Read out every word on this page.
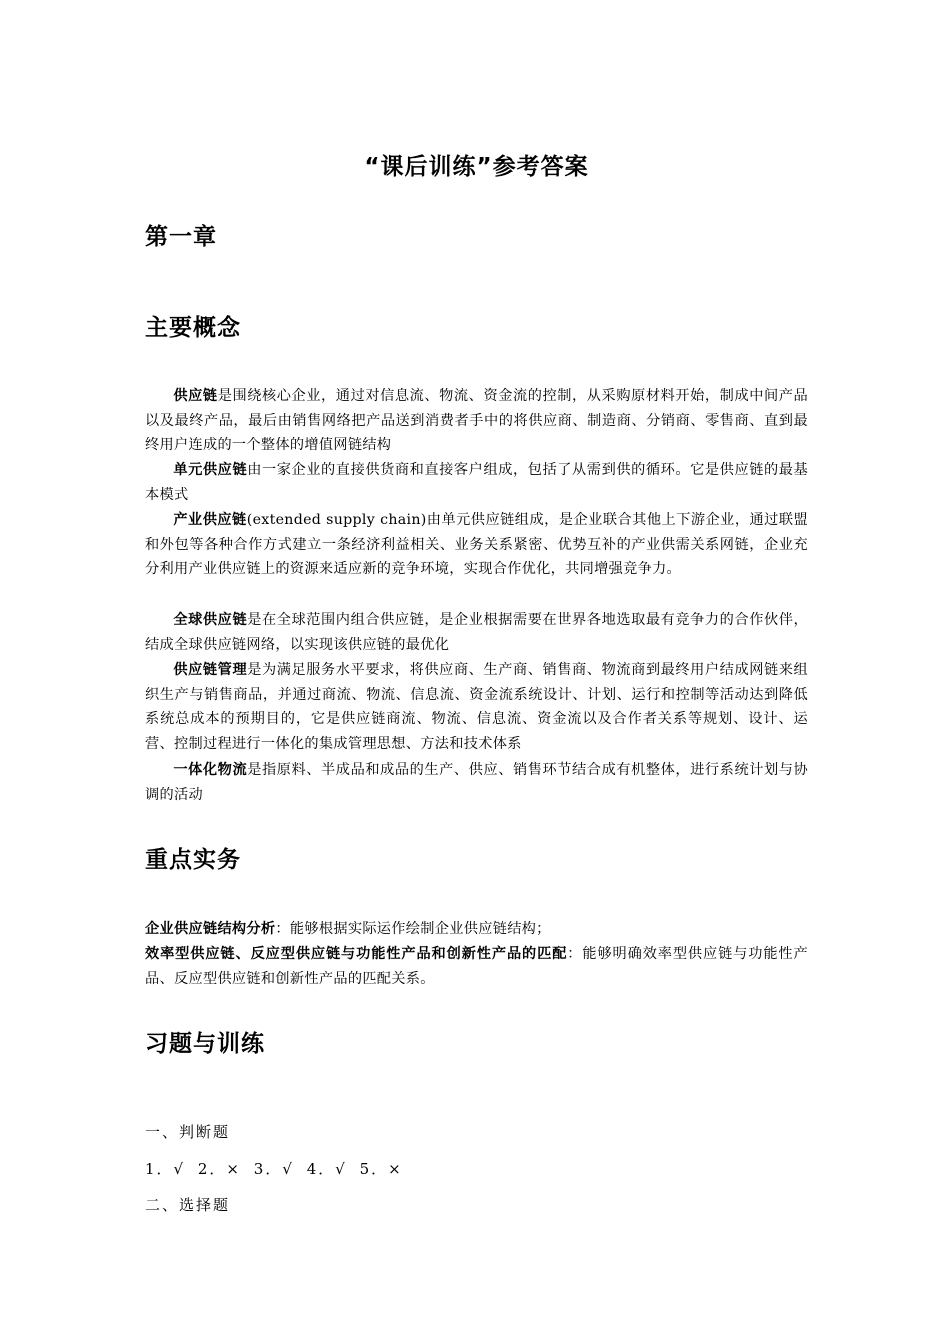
“课后训练”参考答案
第一章
主要概念
供应链是围绕核心企业，通过对信息流、物流、资金流的控制，从采购原材料开始，制成中间产品以及最终产品，最后由销售网络把产品送到消费者手中的将供应商、制造商、分销商、零售商、直到最终用户连成的一个整体的增值网链结构
单元供应链由一家企业的直接供货商和直接客户组成，包括了从需到供的循环。它是供应链的最基本模式
产业供应链(extended supply chain)由单元供应链组成，是企业联合其他上下游企业，通过联盟和外包等各种合作方式建立一条经济利益相关、业务关系紧密、优势互补的产业供需关系网链，企业充分利用产业供应链上的资源来适应新的竞争环境，实现合作优化，共同增强竞争力。
全球供应链是在全球范围内组合供应链，是企业根据需要在世界各地选取最有竞争力的合作伙伴，结成全球供应链网络，以实现该供应链的最优化
供应链管理是为满足服务水平要求，将供应商、生产商、销售商、物流商到最终用户结成网链来组织生产与销售商品，并通过商流、物流、信息流、资金流系统设计、计划、运行和控制等活动达到降低系统总成本的预期目的，它是供应链商流、物流、信息流、资金流以及合作者关系等规划、设计、运营、控制过程进行一体化的集成管理思想、方法和技术体系
一体化物流是指原料、半成品和成品的生产、供应、销售环节结合成有机整体，进行系统计划与协调的活动
重点实务
企业供应链结构分析：能够根据实际运作绘制企业供应链结构；
效率型供应链、反应型供应链与功能性产品和创新性产品的匹配：能够明确效率型供应链与功能性产品、反应型供应链和创新性产品的匹配关系。
习题与训练
一、判断题
1．√ 2．× 3．√ 4．√ 5．×
二、选择题
